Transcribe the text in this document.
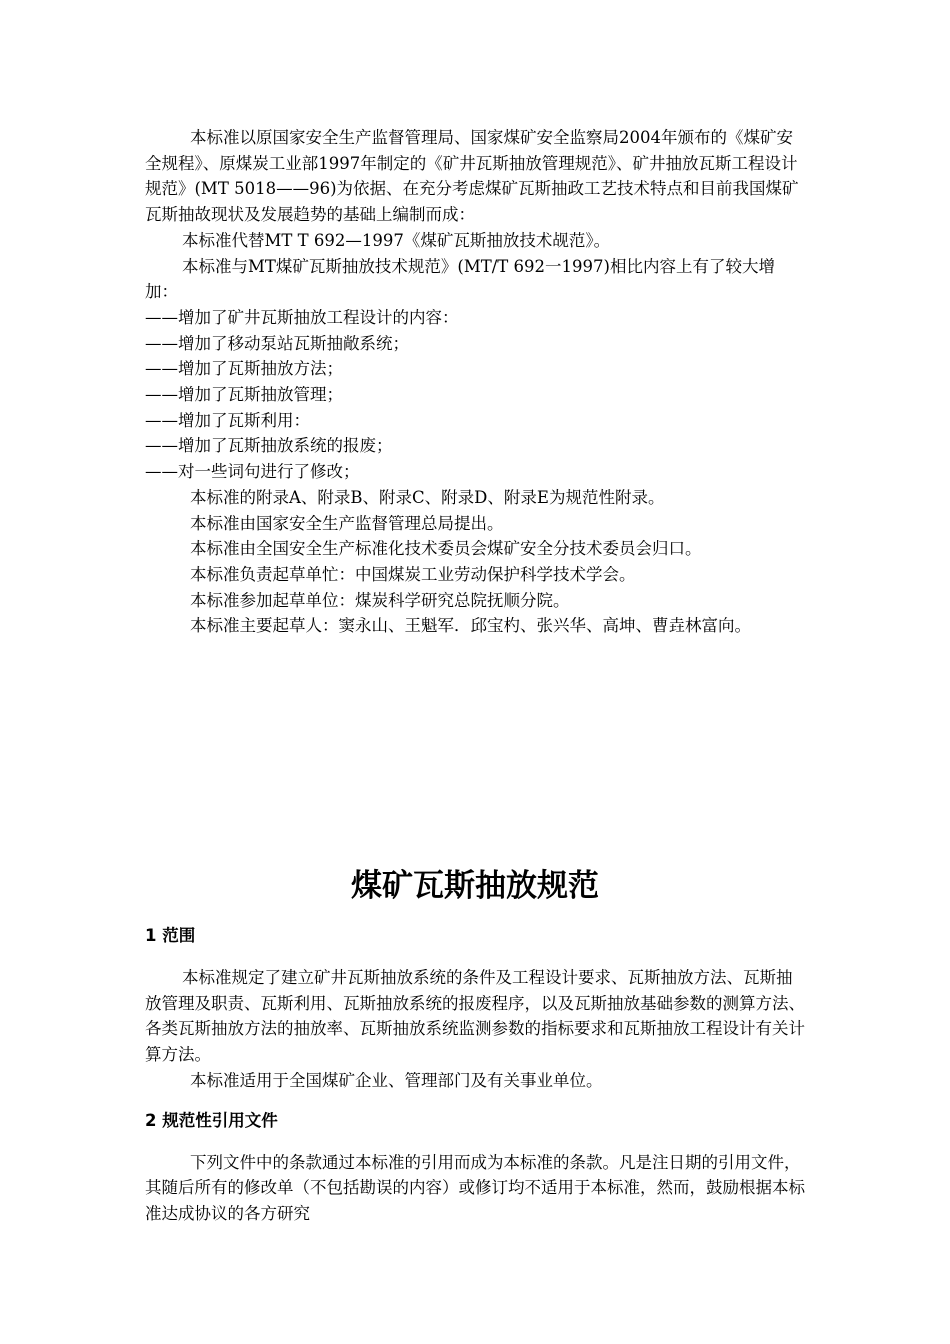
本标准以原国家安全生产监督管理局、国家煤矿安全监察局2004年颁布的《煤矿安全规程》、原煤炭工业部1997年制定的《矿井瓦斯抽放管理规范》、矿井抽放瓦斯工程设计规范》(MT 5018——96)为依据、在充分考虑煤矿瓦斯抽政工艺技术特点和目前我国煤矿瓦斯抽故现状及发展趋势的基础上编制而成：

本标准代替MT T 692—1997《煤矿瓦斯抽放技术觇范》。

本标准与MT煤矿瓦斯抽放技术规范》(MT/T 692一1997)相比内容上有了较大增加：

——增加了矿井瓦斯抽放工程设计的内容：

——增加了移动泵站瓦斯抽敞系统；

——增加了瓦斯抽放方法；

——增加了瓦斯抽放管理；

——增加了瓦斯利用：

——增加了瓦斯抽放系统的报废；

——对一些词句进行了修改；

本标准的附录A、附录B、附录C、附录D、附录E为规范性附录。

本标准由国家安全生产监督管理总局提出。

本标准由全国安全生产标准化技术委员会煤矿安全分技术委员会归口。

本标准负责起草单忙：中国煤炭工业劳动保护科学技术学会。

本标准参加起草单位：煤炭科学研究总院抚顺分院。

本标准主要起草人：窦永山、王魁军．邱宝杓、张兴华、高坤、曹垚林富向。

煤矿瓦斯抽放规范
1 范围

本标准规定了建立矿井瓦斯抽放系统的条件及工程设计要求、瓦斯抽放方法、瓦斯抽放管理及职责、瓦斯利用、瓦斯抽放系统的报废程序，以及瓦斯抽放基础参数的测算方法、各类瓦斯抽放方法的抽放率、瓦斯抽放系统监测参数的指标要求和瓦斯抽放工程设计有关计算方法。

本标准适用于全国煤矿企业、管理部门及有关事业单位。

2 规范性引用文件

下列文件中的条款通过本标准的引用而成为本标准的条款。凡是注日期的引用文件，其随后所有的修改单（不包括勘误的内容）或修订均不适用于本标准，然而，鼓励根据本标准达成协议的各方研究
